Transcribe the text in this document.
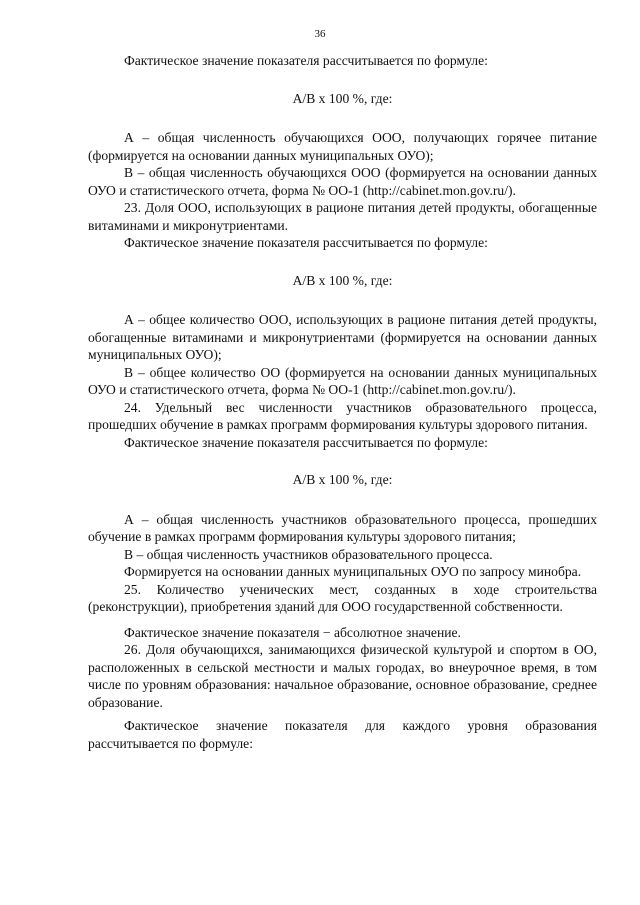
36

Фактическое значение показателя рассчитывается по формуле:

А/В х 100 %, где:

А – общая численность обучающихся ООО, получающих горячее питание (формируется на основании данных муниципальных ОУО);

В – общая численность обучающихся ООО (формируется на основании данных ОУО и статистического отчета, форма № ОО-1 (http://cabinet.mon.gov.ru/).

23. Доля ООО, использующих в рационе питания детей продукты, обогащенные витаминами и микронутриентами.

Фактическое значение показателя рассчитывается по формуле:

А/В х 100 %, где:

А – общее количество ООО, использующих в рационе питания детей продукты, обогащенные витаминами и микронутриентами (формируется на основании данных муниципальных ОУО);

В – общее количество ОО (формируется на основании данных муниципальных ОУО и статистического отчета, форма № ОО-1 (http://cabinet.mon.gov.ru/).

24. Удельный вес численности участников образовательного процесса, прошедших обучение в рамках программ формирования культуры здорового питания.

Фактическое значение показателя рассчитывается по формуле:

А/В х 100 %, где:

А – общая численность участников образовательного процесса, прошедших обучение в рамках программ формирования культуры здорового питания;

В – общая численность участников образовательного процесса.

Формируется на основании данных муниципальных ОУО по запросу минобра.

25. Количество ученических мест, созданных в ходе строительства (реконструкции), приобретения зданий для ООО государственной собственности.

Фактическое значение показателя − абсолютное значение.

26. Доля обучающихся, занимающихся физической культурой и спортом в ОО, расположенных в сельской местности и малых городах, во внеурочное время, в том числе по уровням образования: начальное образование, основное образование, среднее образование.

Фактическое значение показателя для каждого уровня образования рассчитывается по формуле:
